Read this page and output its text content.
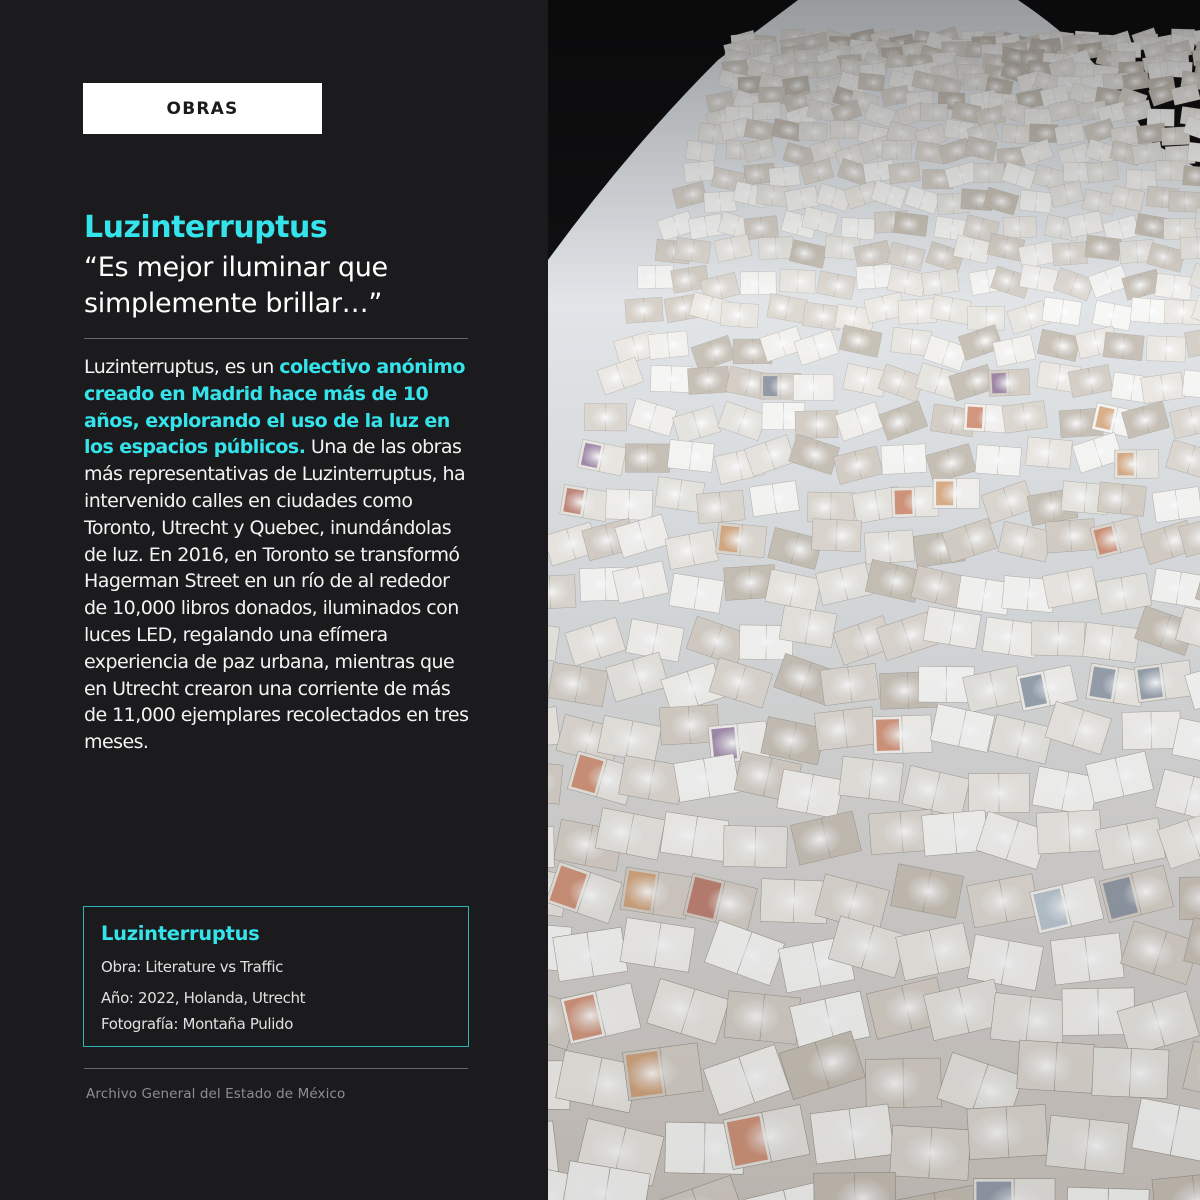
OBRAS
Luzinterruptus
“Es mejor iluminar que simplemente brillar…”
Luzinterruptus, es un colectivo anónimo creado en Madrid hace más de 10 años, explorando el uso de la luz en los espacios públicos. Una de las obras más representativas de Luzinterruptus, ha intervenido calles en ciudades como Toronto, Utrecht y Quebec, inundándolas de luz. En 2016, en Toronto se transformó Hagerman Street en un río de al rededor de 10,000 libros donados, iluminados con luces LED, regalando una efímera experiencia de paz urbana, mientras que en Utrecht crearon una corriente de más de 11,000 ejemplares recolectados en tres meses.
Luzinterruptus
Obra: Literature vs Traffic
Año: 2022, Holanda, Utrecht
Fotografía: Montaña Pulido
Archivo General del Estado de México
